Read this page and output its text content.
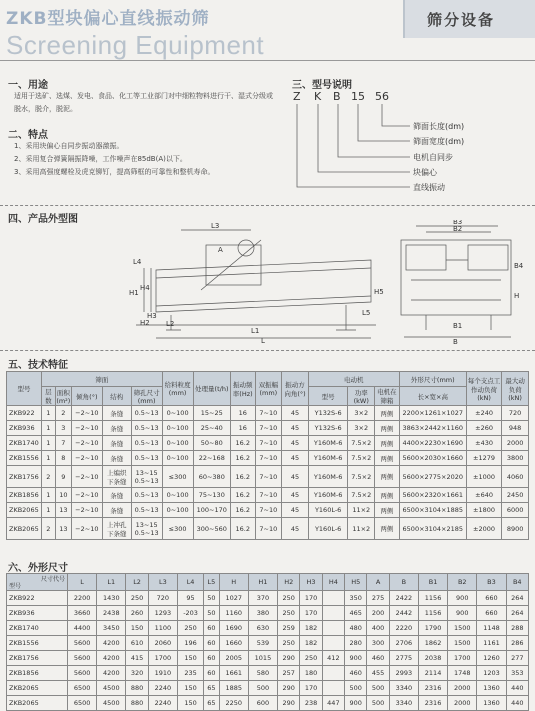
ZKB型块偏心直线振动筛
Screening Equipment
筛分设备
一、用途
适用于选矿、选煤、发电、食品、化工等工业部门对中细粒物料进行干、湿式分级或脱水，脱介，脱泥。
二、特点
1、采用块偏心自同步振动器激振。
2、采用复合弹簧隔振降噪，工作噪声在85dB(A)以下。
3、采用高强度螺栓及虎克铆钉，提高筛框的可靠性和整机寿命。
三、型号说明
Z K B 15 56
筛面长度(dm)
筛面宽度(dm)
电机自同步
块偏心
直线振动
四、产品外型图
L3
A
L4
H1
H4
H3
H2
H5
L2
L1
L
L5
B3
B2
B4
B1
B
H
五、技术特征
型号	筛面					给料粒度(mm)	处理量(t/h)	振动频率(Hz)	双振幅(mm)	振动方向角(°)	电动机			外形尺寸(mm)	每个支点工作动负荷(kN)	最大动负荷(kN)
	层数	面积(m²)	倾角(°)	结构	筛孔尺寸(mm)						型号	功率(kW)	电机在筛箱	长×宽×高		
ZKB922	1	2	−2~10	条缝	0.5~13	0~100	15~25	16	7~10	45	Y132S-6	3×2	两侧	2200×1261×1027	±240	720
ZKB936	1	3	−2~10	条缝	0.5~13	0~100	25~40	16	7~10	45	Y132S-6	3×2	两侧	3863×2442×1160	±260	948
ZKB1740	1	7	−2~10	条缝	0.5~13	0~100	50~80	16.2	7~10	45	Y160M-6	7.5×2	两侧	4400×2230×1690	±430	2000
ZKB1556	1	8	−2~10	条缝	0.5~13	0~100	22~168	16.2	7~10	45	Y160M-6	7.5×2	两侧	5600×2030×1660	±1279	3800
ZKB1756	2	9	−2~10	上编织 下条缝	13~15 0.5~13	≤300	60~380	16.2	7~10	45	Y160M-6	7.5×2	两侧	5600×2775×2020	±1000	4060
ZKB1856	1	10	−2~10	条缝	0.5~13	0~100	75~130	16.2	7~10	45	Y160M-6	7.5×2	两侧	5600×2320×1661	±640	2450
ZKB2065	1	13	−2~10	条缝	0.5~13	0~100	100~170	16.2	7~10	45	Y160L-6	11×2	两侧	6500×3104×1885	±1800	6000
ZKB2065	2	13	−2~10	上冲孔 下条缝	13~15 0.5~13	≤300	300~560	16.2	7~10	45	Y160L-6	11×2	两侧	6500×3104×2185	±2000	8900
六、外形尺寸
尺寸代号
型号	L	L1	L2	L3	L4	L5	H	H1	H2	H3	H4	H5	A	B	B1	B2	B3	B4
ZKB922	2200	1430	250	720	95	50	1027	370	250	170		350	275	2422	1156	900	660	264
ZKB936	3660	2438	260	1293	-203	50	1160	380	250	170		465	200	2442	1156	900	660	264
ZKB1740	4400	3450	150	1100	250	60	1690	630	259	182		480	400	2220	1790	1500	1148	288
ZKB1556	5600	4200	610	2060	196	60	1660	539	250	182		280	300	2706	1862	1500	1161	286
ZKB1756	5600	4200	415	1700	150	60	2005	1015	290	250	412	900	460	2775	2038	1700	1260	277
ZKB1856	5600	4200	320	1910	235	60	1661	580	257	180		460	455	2993	2114	1748	1203	353
ZKB2065	6500	4500	880	2240	150	65	1885	500	290	170		500	500	3340	2316	2000	1360	440
ZKB2065	6500	4500	880	2240	150	65	2250	600	290	238	447	900	500	3340	2316	2000	1360	440
